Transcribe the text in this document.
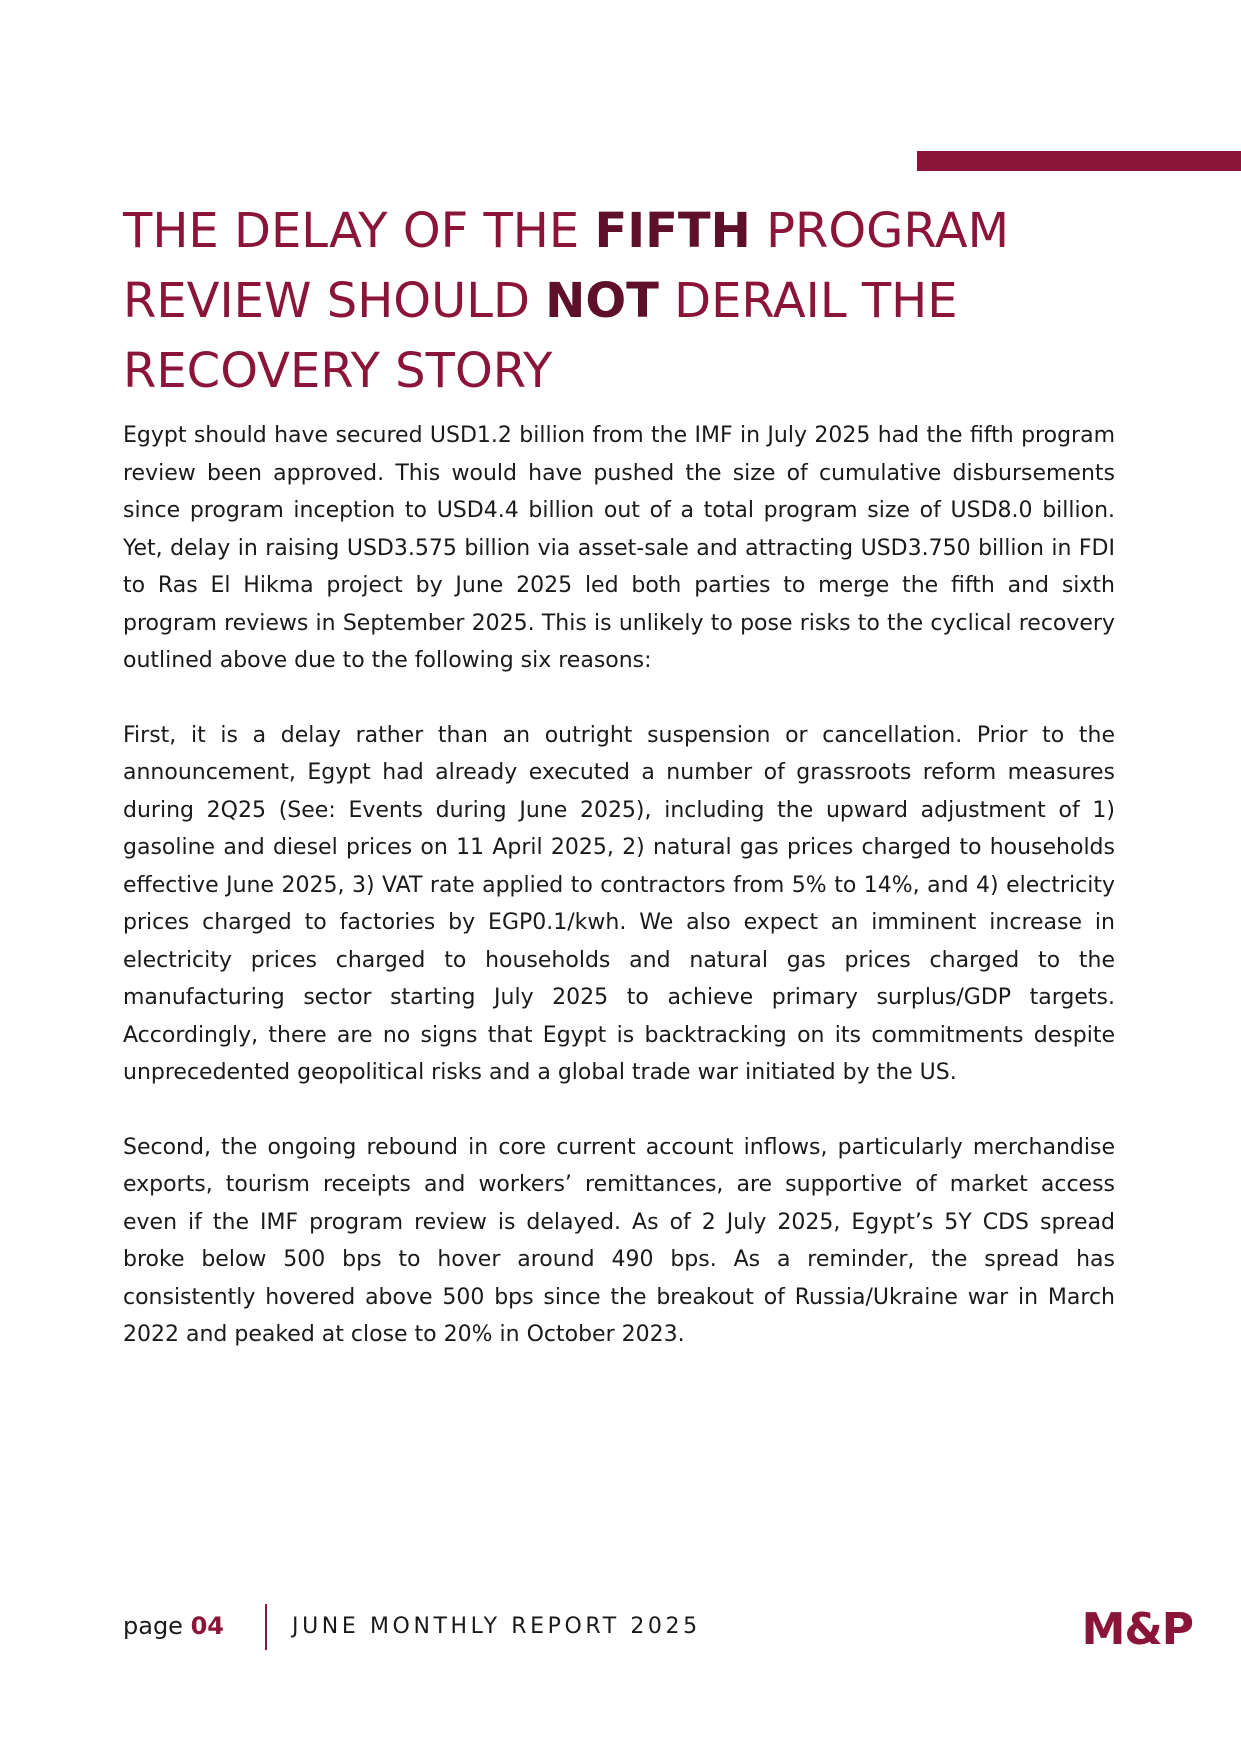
THE DELAY OF THE FIFTH PROGRAM
REVIEW SHOULD NOT DERAIL THE
RECOVERY STORY

Egypt should have secured USD1.2 billion from the IMF in July 2025 had the fifth program review been approved. This would have pushed the size of cumulative disbursements since program inception to USD4.4 billion out of a total program size of USD8.0 billion. Yet, delay in raising USD3.575 billion via asset-sale and attracting USD3.750 billion in FDI to Ras El Hikma project by June 2025 led both parties to merge the fifth and sixth program reviews in September 2025. This is unlikely to pose risks to the cyclical recovery outlined above due to the following six reasons:

First, it is a delay rather than an outright suspension or cancellation. Prior to the announcement, Egypt had already executed a number of grassroots reform measures during 2Q25 (See: Events during June 2025), including the upward adjustment of 1) gasoline and diesel prices on 11 April 2025, 2) natural gas prices charged to households effective June 2025, 3) VAT rate applied to contractors from 5% to 14%, and 4) electricity prices charged to factories by EGP0.1/kwh. We also expect an imminent increase in electricity prices charged to households and natural gas prices charged to the manufacturing sector starting July 2025 to achieve primary surplus/GDP targets. Accordingly, there are no signs that Egypt is backtracking on its commitments despite unprecedented geopolitical risks and a global trade war initiated by the US.

Second, the ongoing rebound in core current account inflows, particularly merchandise exports, tourism receipts and workers’ remittances, are supportive of market access even if the IMF program review is delayed. As of 2 July 2025, Egypt’s 5Y CDS spread broke below 500 bps to hover around 490 bps. As a reminder, the spread has consistently hovered above 500 bps since the breakout of Russia/Ukraine war in March 2022 and peaked at close to 20% in October 2023.

page 04	JUNE MONTHLY REPORT 2025	M&P
